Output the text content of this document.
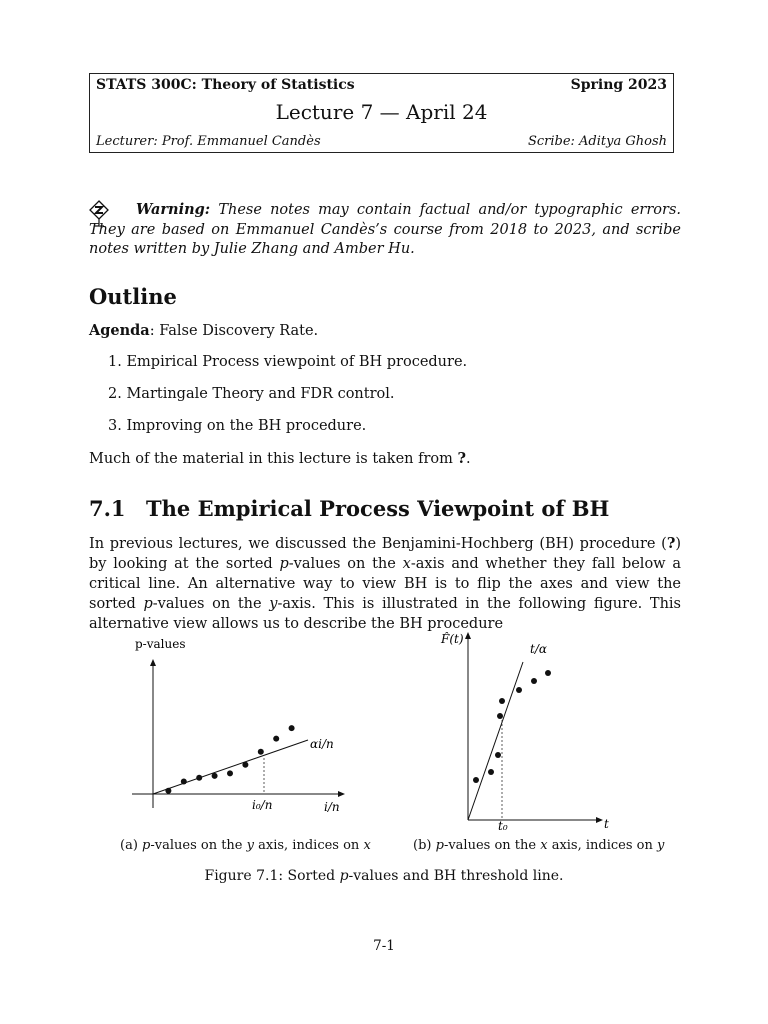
STATS 300C: Theory of Statistics	Spring 2023
Lecture 7 — April 24
Lecturer: Prof. Emmanuel Candès	Scribe: Aditya Ghosh
Warning: These notes may contain factual and/or typographic errors. They are based on Emmanuel Candès’s course from 2018 to 2023, and scribe notes written by Julie Zhang and Amber Hu.
Outline
Agenda: False Discovery Rate.
1. Empirical Process viewpoint of BH procedure.
2. Martingale Theory and FDR control.
3. Improving on the BH procedure.
Much of the material in this lecture is taken from ?.
7.1 The Empirical Process Viewpoint of BH
In previous lectures, we discussed the Benjamini-Hochberg (BH) procedure (?) by looking at the sorted p-values on the x-axis and whether they fall below a critical line. An alternative way to view BH is to flip the axes and view the sorted p-values on the y-axis. This is illustrated in the following figure. This alternative view allows us to describe the BH procedure
p-values
αi/n
i₀/n	i/n
F̂(t)
t/α
t₀	t
(a) p-values on the y axis, indices on x	(b) p-values on the x axis, indices on y
Figure 7.1: Sorted p-values and BH threshold line.
7-1
